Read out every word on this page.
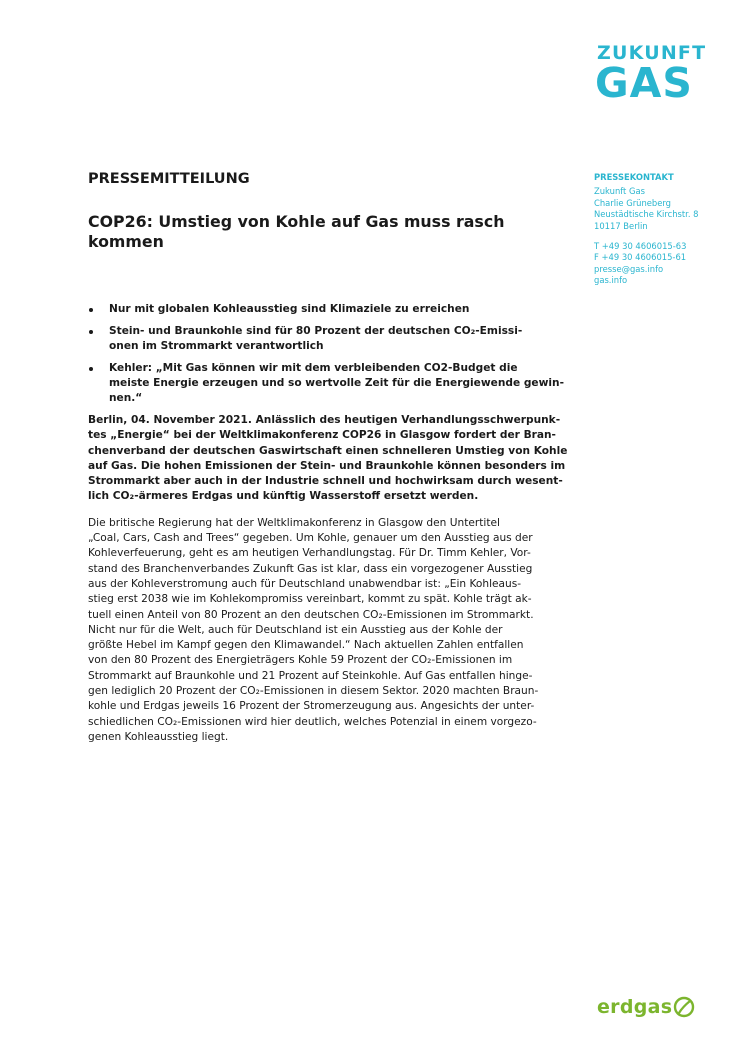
ZUKUNFT
GAS
PRESSEKONTAKT
Zukunft Gas
Charlie Grüneberg
Neustädtische Kirchstr. 8
10117 Berlin
T +49 30 4606015-63
F +49 30 4606015-61
presse@gas.info
gas.info

PRESSEMITTEILUNG

COP26: Umstieg von Kohle auf Gas muss rasch kommen

Nur mit globalen Kohleausstieg sind Klimaziele zu erreichen
Stein- und Braunkohle sind für 80 Prozent der deutschen CO₂-Emissi-
onen im Strommarkt verantwortlich
Kehler: „Mit Gas können wir mit dem verbleibenden CO2-Budget die
meiste Energie erzeugen und so wertvolle Zeit für die Energiewende gewin-
nen.“

Berlin, 04. November 2021. Anlässlich des heutigen Verhandlungsschwerpunk-
tes „Energie“ bei der Weltklimakonferenz COP26 in Glasgow fordert der Bran-
chenverband der deutschen Gaswirtschaft einen schnelleren Umstieg von Kohle
auf Gas. Die hohen Emissionen der Stein- und Braunkohle können besonders im
Strommarkt aber auch in der Industrie schnell und hochwirksam durch wesent-
lich CO₂-ärmeres Erdgas und künftig Wasserstoff ersetzt werden.

Die britische Regierung hat der Weltklimakonferenz in Glasgow den Untertitel
„Coal, Cars, Cash and Trees“ gegeben. Um Kohle, genauer um den Ausstieg aus der
Kohleverfeuerung, geht es am heutigen Verhandlungstag. Für Dr. Timm Kehler, Vor-
stand des Branchenverbandes Zukunft Gas ist klar, dass ein vorgezogener Ausstieg
aus der Kohleverstromung auch für Deutschland unabwendbar ist: „Ein Kohleaus-
stieg erst 2038 wie im Kohlekompromiss vereinbart, kommt zu spät. Kohle trägt ak-
tuell einen Anteil von 80 Prozent an den deutschen CO₂-Emissionen im Strommarkt.
Nicht nur für die Welt, auch für Deutschland ist ein Ausstieg aus der Kohle der
größte Hebel im Kampf gegen den Klimawandel.“ Nach aktuellen Zahlen entfallen
von den 80 Prozent des Energieträgers Kohle 59 Prozent der CO₂-Emissionen im
Strommarkt auf Braunkohle und 21 Prozent auf Steinkohle. Auf Gas entfallen hinge-
gen lediglich 20 Prozent der CO₂-Emissionen in diesem Sektor. 2020 machten Braun-
kohle und Erdgas jeweils 16 Prozent der Stromerzeugung aus. Angesichts der unter-
schiedlichen CO₂-Emissionen wird hier deutlich, welches Potenzial in einem vorgezo-
genen Kohleausstieg liegt.

erdgas
